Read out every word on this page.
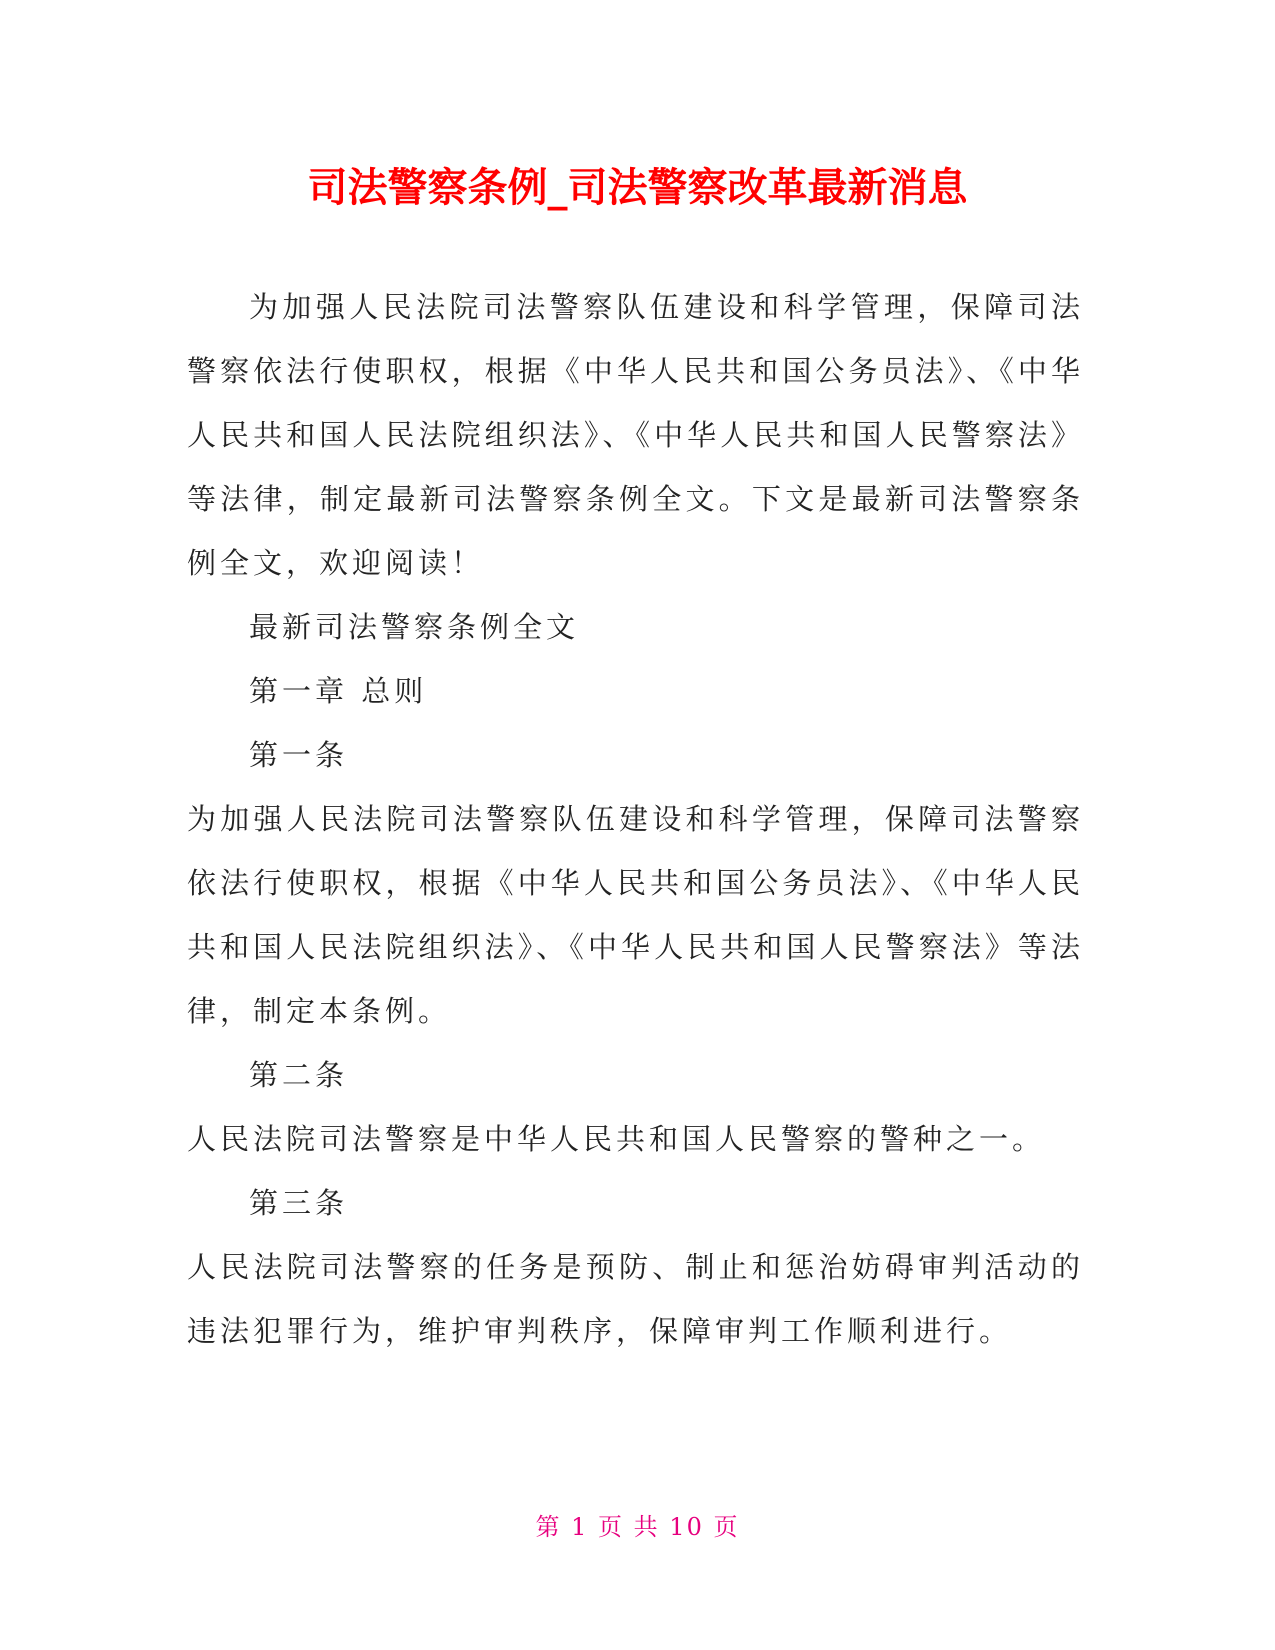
司法警察条例_司法警察改革最新消息

为加强人民法院司法警察队伍建设和科学管理，保障司法警察依法行使职权，根据《中华人民共和国公务员法》、《中华人民共和国人民法院组织法》、《中华人民共和国人民警察法》等法律，制定最新司法警察条例全文。下文是最新司法警察条例全文，欢迎阅读！

最新司法警察条例全文

第一章 总则

第一条

为加强人民法院司法警察队伍建设和科学管理，保障司法警察依法行使职权，根据《中华人民共和国公务员法》、《中华人民共和国人民法院组织法》、《中华人民共和国人民警察法》等法律，制定本条例。

第二条

人民法院司法警察是中华人民共和国人民警察的警种之一。

第三条

人民法院司法警察的任务是预防、制止和惩治妨碍审判活动的违法犯罪行为，维护审判秩序，保障审判工作顺利进行。

第 1 页 共 10 页
